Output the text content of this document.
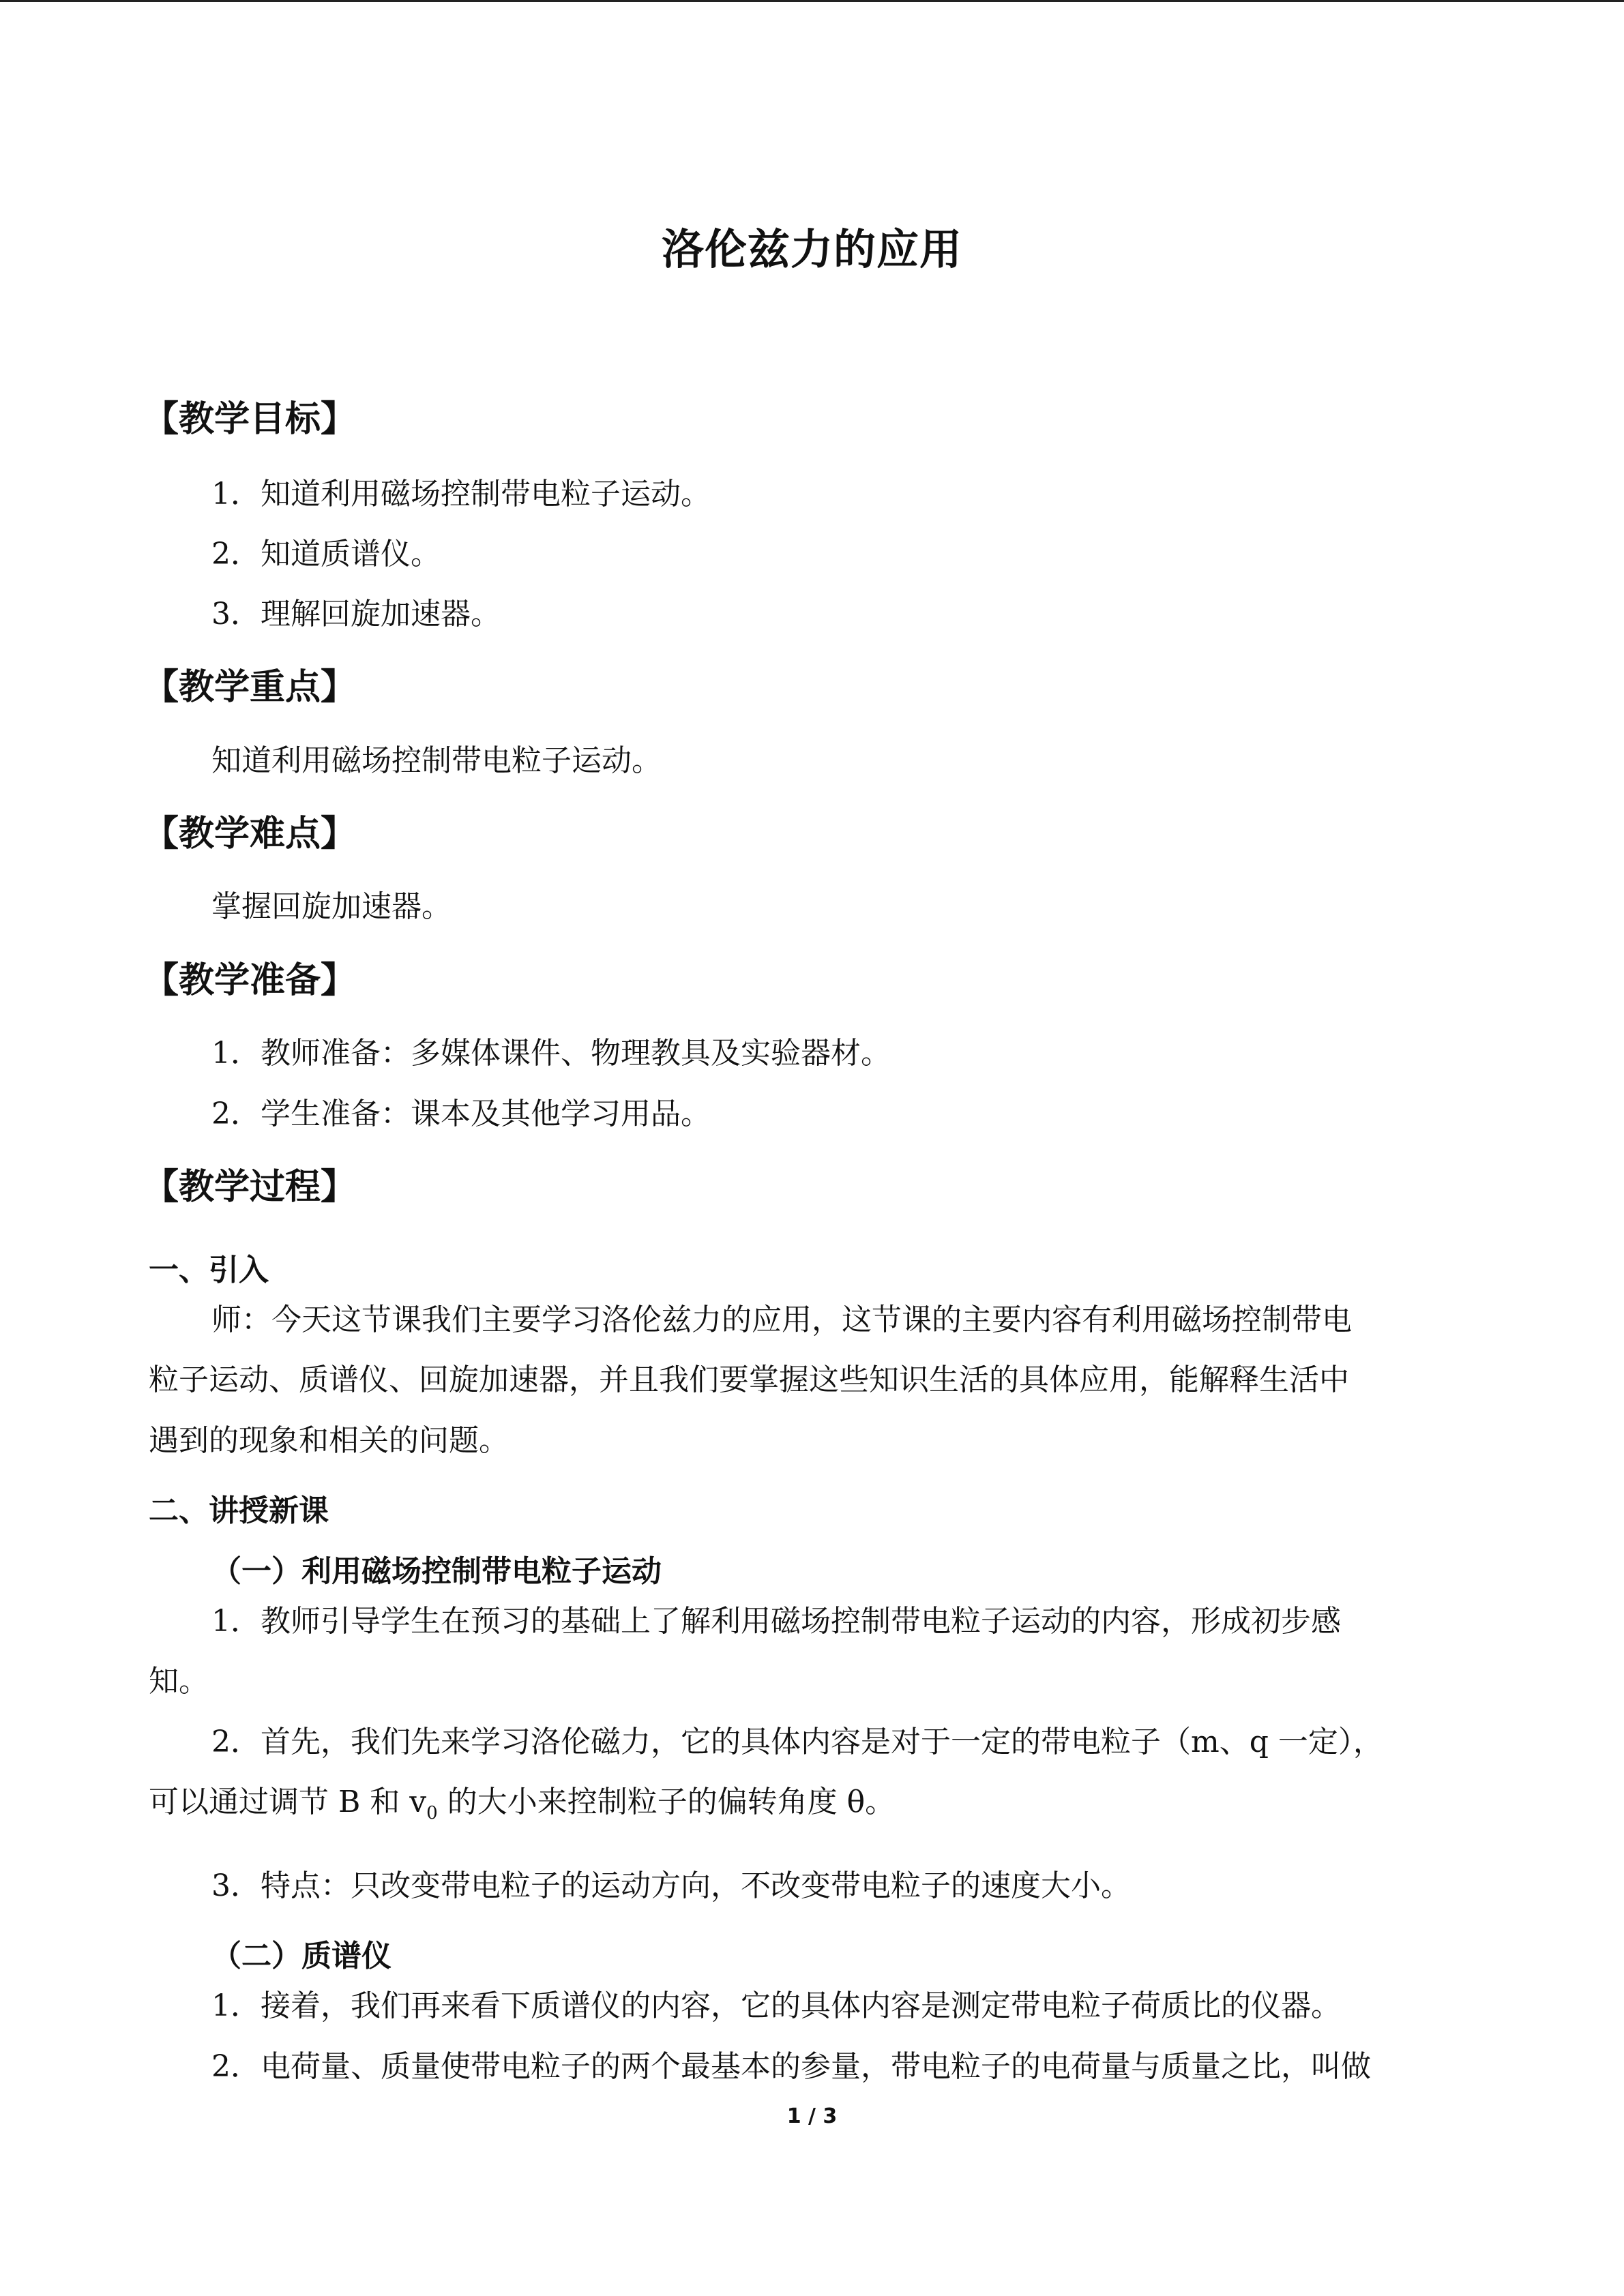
洛伦兹力的应用

【教学目标】

1．知道利用磁场控制带电粒子运动。

2．知道质谱仪。

3．理解回旋加速器。

【教学重点】

知道利用磁场控制带电粒子运动。

【教学难点】

掌握回旋加速器。

【教学准备】

1．教师准备：多媒体课件、物理教具及实验器材。

2．学生准备：课本及其他学习用品。

【教学过程】

一、引入

师：今天这节课我们主要学习洛伦兹力的应用，这节课的主要内容有利用磁场控制带电

粒子运动、质谱仪、回旋加速器，并且我们要掌握这些知识生活的具体应用，能解释生活中

遇到的现象和相关的问题。

二、讲授新课

（一）利用磁场控制带电粒子运动

1．教师引导学生在预习的基础上了解利用磁场控制带电粒子运动的内容，形成初步感

知。

2．首先，我们先来学习洛伦磁力，它的具体内容是对于一定的带电粒子（m、q 一定），

可以通过调节 B 和 $v_0$ 的大小来控制粒子的偏转角度 θ。

3．特点：只改变带电粒子的运动方向，不改变带电粒子的速度大小。

（二）质谱仪

1．接着，我们再来看下质谱仪的内容，它的具体内容是测定带电粒子荷质比的仪器。

2．电荷量、质量使带电粒子的两个最基本的参量，带电粒子的电荷量与质量之比，叫做

1 / 3
